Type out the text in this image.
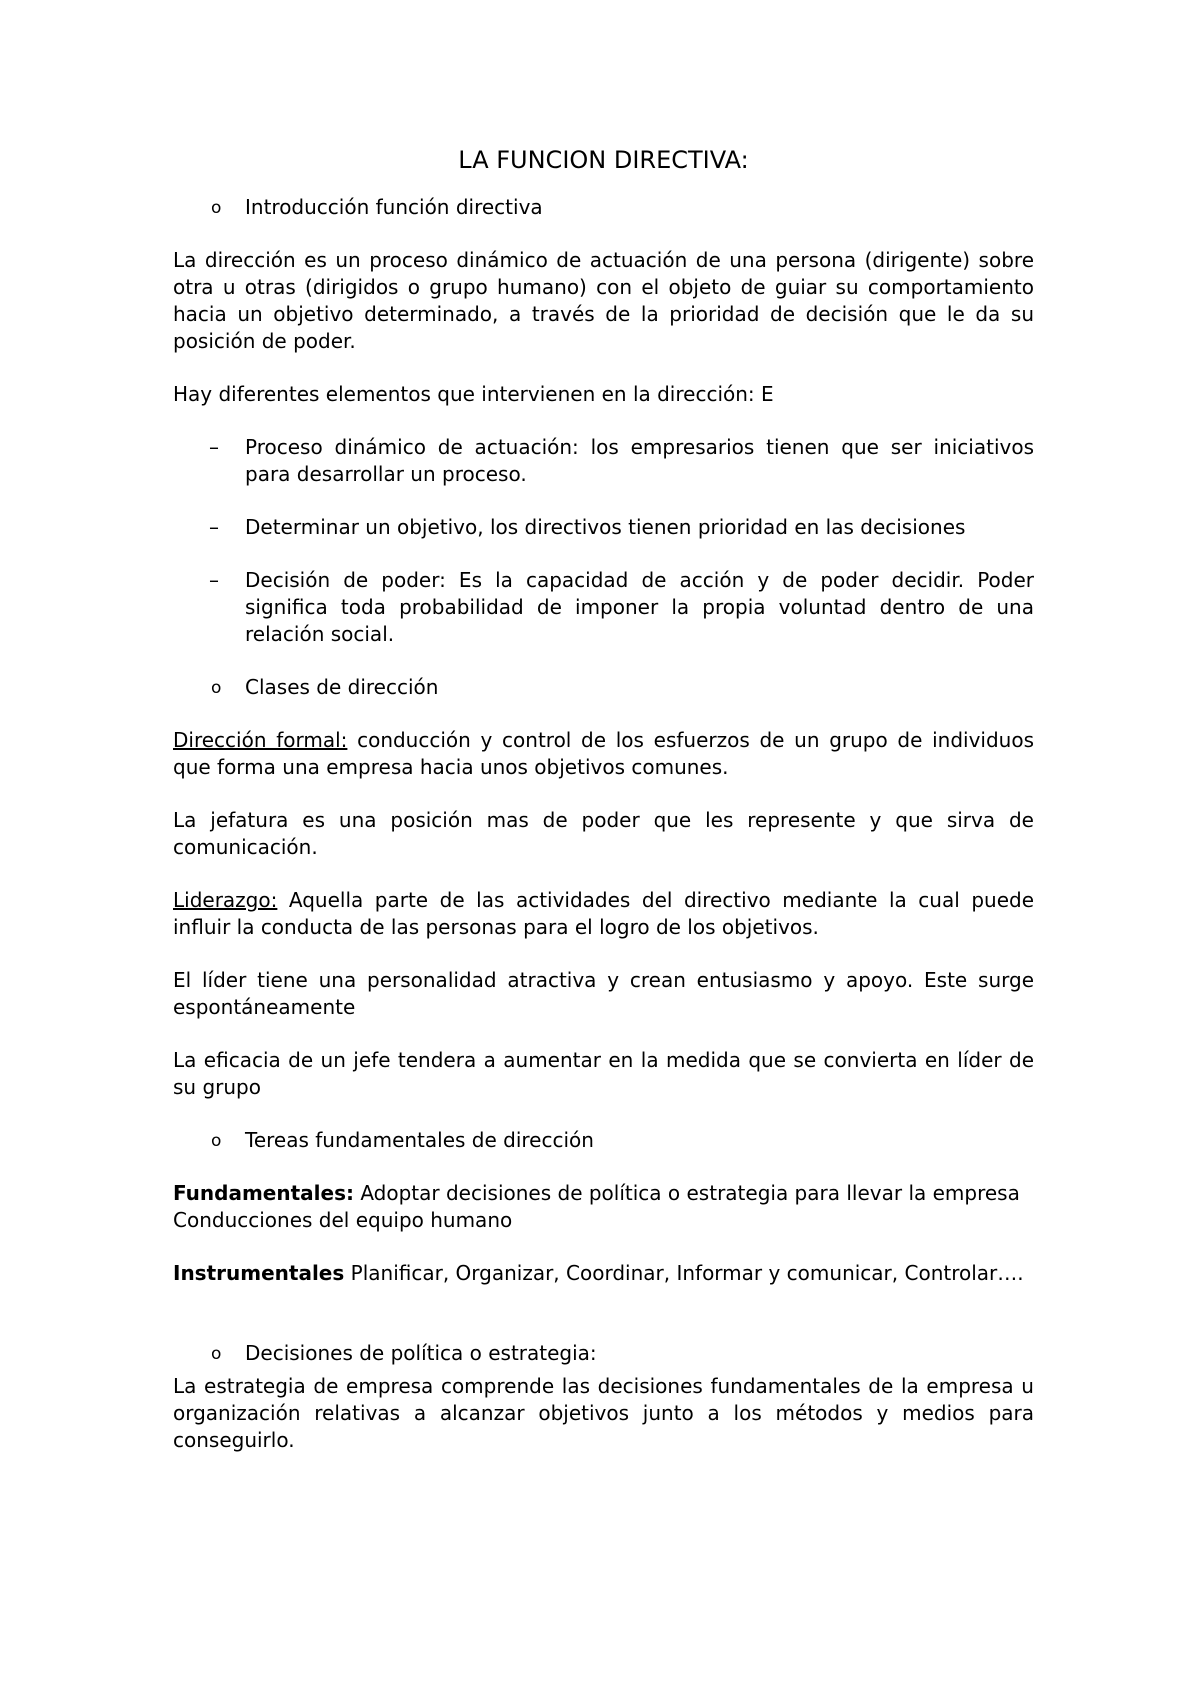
LA FUNCION DIRECTIVA:
o Introducción función directiva

La dirección es un proceso dinámico de actuación de una persona (dirigente) sobre otra u otras (dirigidos o grupo humano) con el objeto de guiar su comportamiento hacia un objetivo determinado, a través de la prioridad de decisión que le da su posición de poder.

Hay diferentes elementos que intervienen en la dirección: E

– Proceso dinámico de actuación: los empresarios tienen que ser iniciativos para desarrollar un proceso.
– Determinar un objetivo, los directivos tienen prioridad en las decisiones
– Decisión de poder: Es la capacidad de acción y de poder decidir. Poder significa toda probabilidad de imponer la propia voluntad dentro de una relación social.
o Clases de dirección

Dirección formal: conducción y control de los esfuerzos de un grupo de individuos que forma una empresa hacia unos objetivos comunes.

La jefatura es una posición mas de poder que les represente y que sirva de comunicación.

Liderazgo: Aquella parte de las actividades del directivo mediante la cual puede influir la conducta de las personas para el logro de los objetivos.

El líder tiene una personalidad atractiva y crean entusiasmo y apoyo. Este surge espontáneamente

La eficacia de un jefe tendera a aumentar en la medida que se convierta en líder de su grupo

o Tereas fundamentales de dirección

Fundamentales: Adoptar decisiones de política o estrategia para llevar la empresa

Conducciones del equipo humano

Instrumentales Planificar, Organizar, Coordinar, Informar y comunicar, Controlar….

o Decisiones de política o estrategia:

La estrategia de empresa comprende las decisiones fundamentales de la empresa u organización relativas a alcanzar objetivos junto a los métodos y medios para conseguirlo.
